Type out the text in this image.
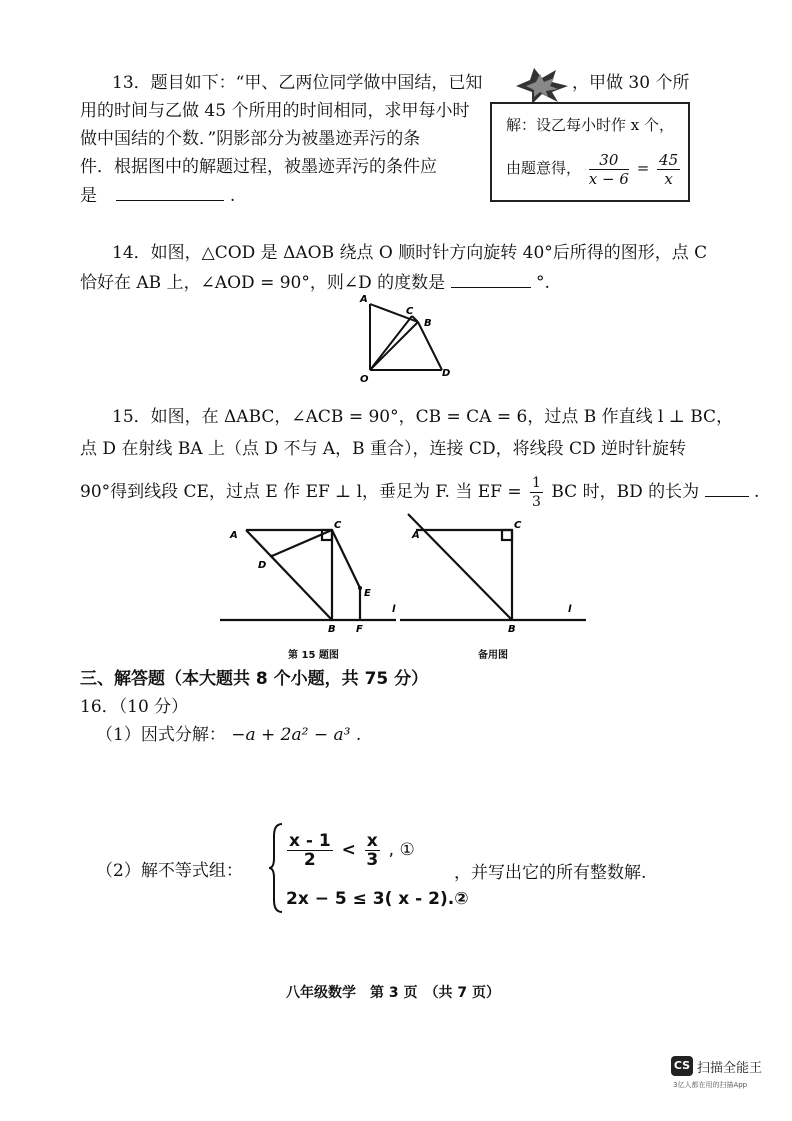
13．题目如下：“甲、乙两位同学做中国结，已知	，甲做 30 个所
用的时间与乙做 45 个所用的时间相同，求甲每小时
做中国结的个数．”阴影部分为被墨迹弄污的条
件．根据图中的解题过程，被墨迹弄污的条件应
是	.
解：设乙每小时作 x 个，
由题意得， $\frac{30}{x - 6} = \frac{45}{x}$
14．如图，△COD 是 ΔAOB 绕点 O 顺时针方向旋转 40°后所得的图形，点 C
恰好在 AB 上，∠AOD = 90°，则∠D 的度数是	°.
A
C
B
O
D
15．如图，在 ΔABC，∠ACB = 90°，CB = CA = 6，过点 B 作直线 l ⊥ BC，
点 D 在射线 BA 上（点 D 不与 A，B 重合），连接 CD，将线段 CD 逆时针旋转
90°得到线段 CE，过点 E 作 EF ⊥ l，垂足为 F. 当 EF = $\frac{1}{3}$ BC 时，BD 的长为	.
A
C
D
E
B F
l
A
C
B
l
第 15 题图	备用图
三、解答题（本大题共 8 个小题，共 75 分）
16．（10 分）
（1）因式分解： −a + 2a² − a³ .
（2）解不等式组：
$\frac{x - 1}{2} < \frac{x}{3}$ , ①
2x − 5 ≤ 3( x - 2).②
，并写出它的所有整数解.
八年级数学　第 3 页　（共 7 页）
CS 扫描全能王
3亿人都在用的扫描App
